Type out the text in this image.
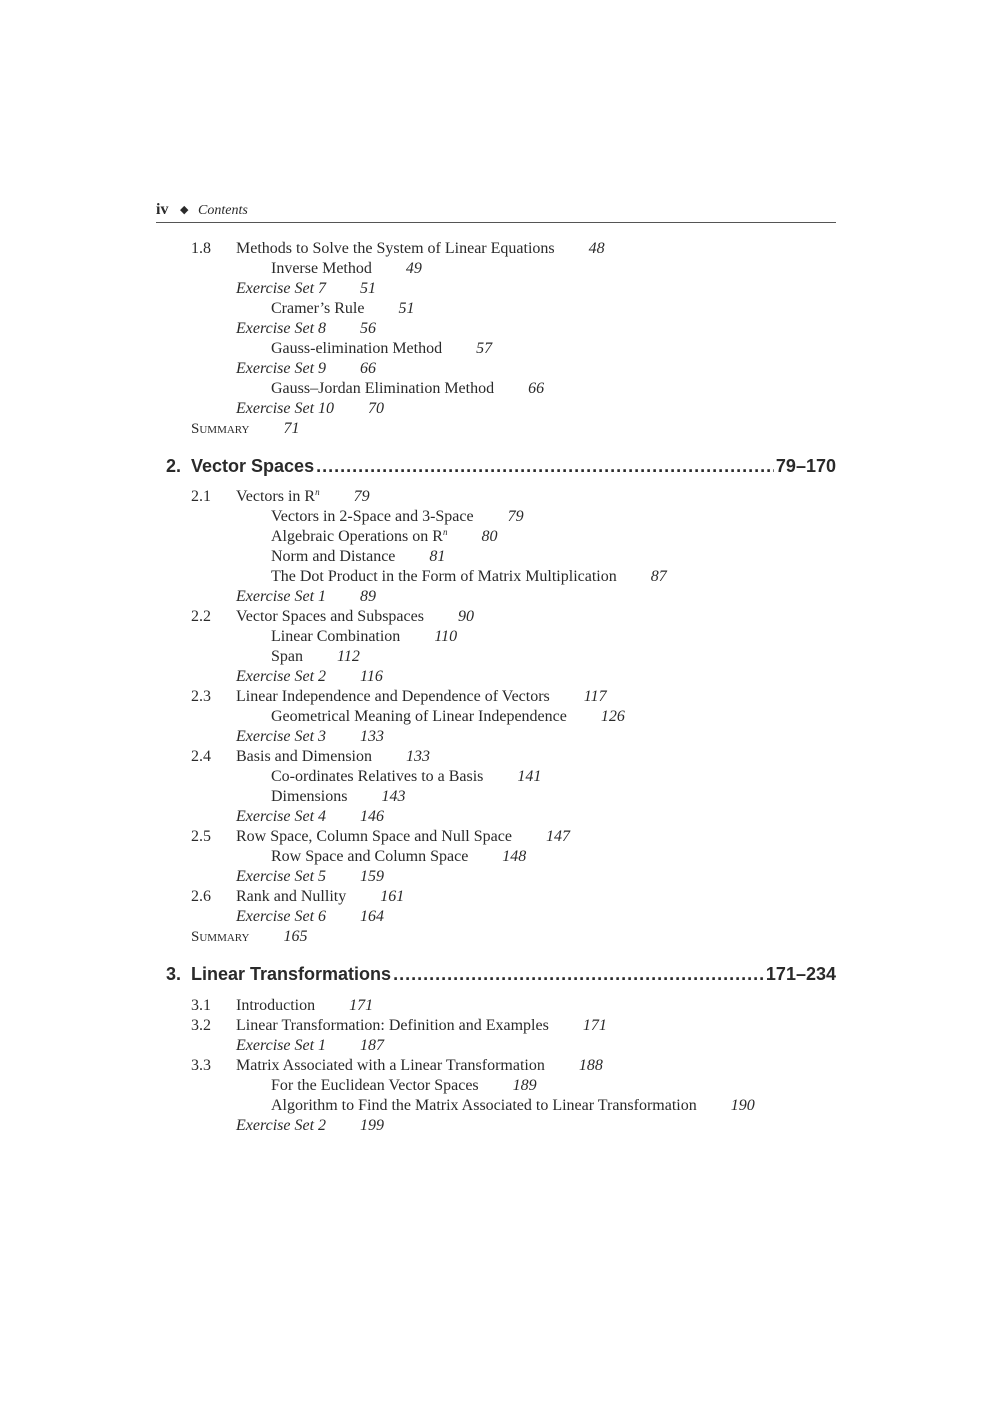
iv ◆ Contents
1.8 Methods to Solve the System of Linear Equations 48
Inverse Method 49
Exercise Set 7 51
Cramer’s Rule 51
Exercise Set 8 56
Gauss-elimination Method 57
Exercise Set 9 66
Gauss–Jordan Elimination Method 66
Exercise Set 10 70
Summary 71
2. Vector Spaces .....	79–170
2.1 Vectors in $R^n$ 79
Vectors in 2-Space and 3-Space 79
Algebraic Operations on $R^n$ 80
Norm and Distance 81
The Dot Product in the Form of Matrix Multiplication 87
Exercise Set 1 89
2.2 Vector Spaces and Subspaces 90
Linear Combination 110
Span 112
Exercise Set 2 116
2.3 Linear Independence and Dependence of Vectors 117
Geometrical Meaning of Linear Independence 126
Exercise Set 3 133
2.4 Basis and Dimension 133
Co-ordinates Relatives to a Basis 141
Dimensions 143
Exercise Set 4 146
2.5 Row Space, Column Space and Null Space 147
Row Space and Column Space 148
Exercise Set 5 159
2.6 Rank and Nullity 161
Exercise Set 6 164
Summary 165
3. Linear Transformations .....	171–234
3.1 Introduction 171
3.2 Linear Transformation: Definition and Examples 171
Exercise Set 1 187
3.3 Matrix Associated with a Linear Transformation 188
For the Euclidean Vector Spaces 189
Algorithm to Find the Matrix Associated to Linear Transformation 190
Exercise Set 2 199
